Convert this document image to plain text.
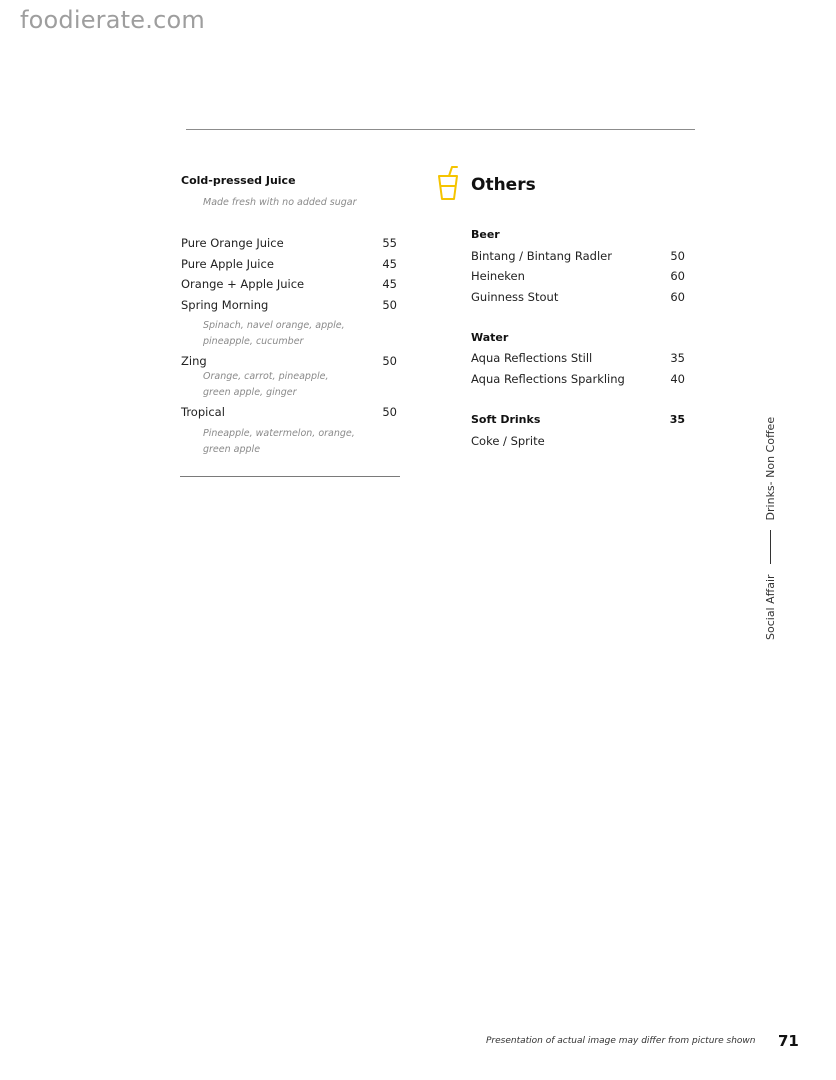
foodierate.com
Cold-pressed Juice
Made fresh with no added sugar
Pure Orange Juice	55
Pure Apple Juice	45
Orange + Apple Juice	45
Spring Morning	50
Spinach, navel orange, apple,
pineapple, cucumber
Zing	50
Orange, carrot, pineapple,
green apple, ginger
Tropical	50
Pineapple, watermelon, orange,
green apple
Others
Beer
Bintang / Bintang Radler	50
Heineken	60
Guinness Stout	60
Water
Aqua Reflections Still	35
Aqua Reflections Sparkling	40
Soft Drinks	35
Coke / Sprite
Social Affair
Drinks- Non Coffee
Presentation of actual image may differ from picture shown 71
